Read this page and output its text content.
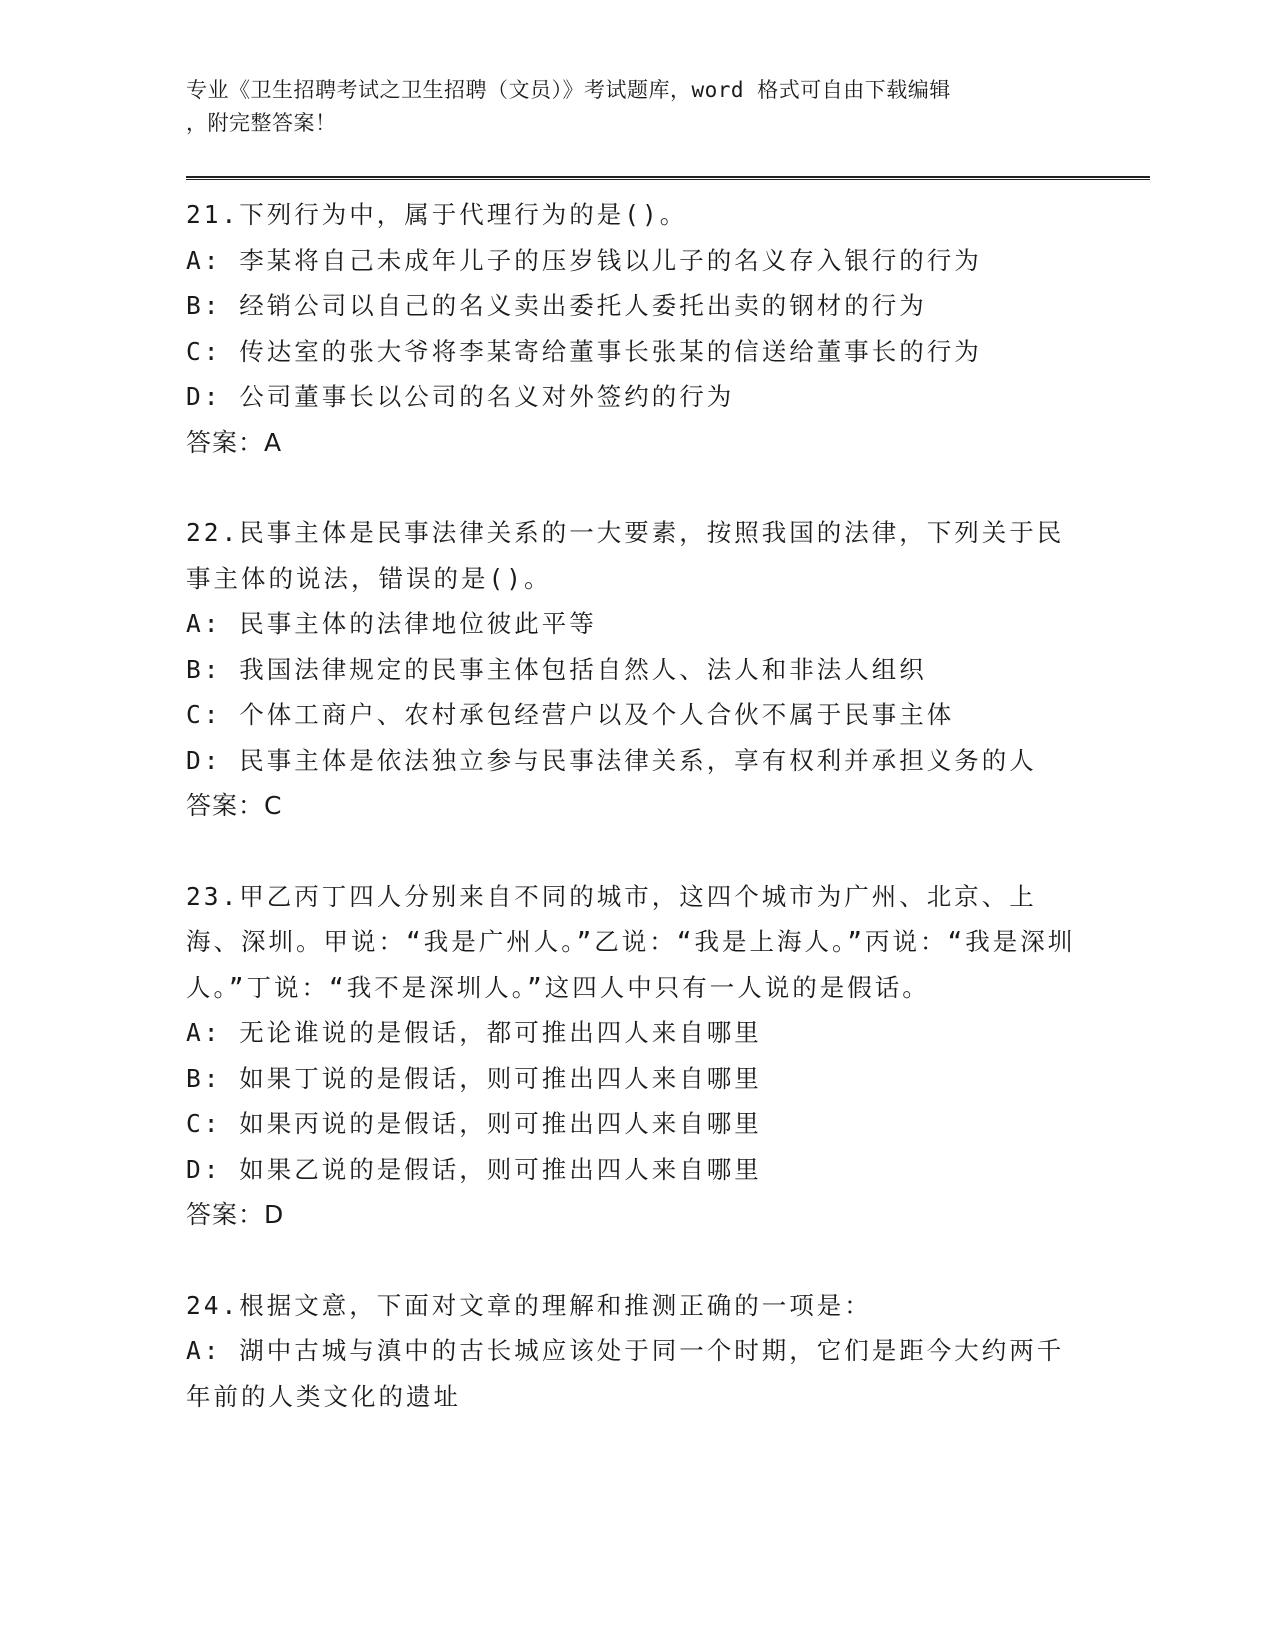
专业《卫生招聘考试之卫生招聘（文员）》考试题库，word 格式可自由下载编辑
，附完整答案！

21.下列行为中，属于代理行为的是()。

A: 李某将自己未成年儿子的压岁钱以儿子的名义存入银行的行为

B: 经销公司以自己的名义卖出委托人委托出卖的钢材的行为

C: 传达室的张大爷将李某寄给董事长张某的信送给董事长的行为

D: 公司董事长以公司的名义对外签约的行为

答案：A

22.民事主体是民事法律关系的一大要素，按照我国的法律，下列关于民事主体的说法，错误的是()。

A: 民事主体的法律地位彼此平等

B: 我国法律规定的民事主体包括自然人、法人和非法人组织

C: 个体工商户、农村承包经营户以及个人合伙不属于民事主体

D: 民事主体是依法独立参与民事法律关系，享有权利并承担义务的人

答案：C

23.甲乙丙丁四人分别来自不同的城市，这四个城市为广州、北京、上海、深圳。甲说：“我是广州人。”乙说：“我是上海人。”丙说：“我是深圳人。”丁说：“我不是深圳人。”这四人中只有一人说的是假话。

A: 无论谁说的是假话，都可推出四人来自哪里

B: 如果丁说的是假话，则可推出四人来自哪里

C: 如果丙说的是假话，则可推出四人来自哪里

D: 如果乙说的是假话，则可推出四人来自哪里

答案：D

24.根据文意，下面对文章的理解和推测正确的一项是：

A: 湖中古城与滇中的古长城应该处于同一个时期，它们是距今大约两千年前的人类文化的遗址
